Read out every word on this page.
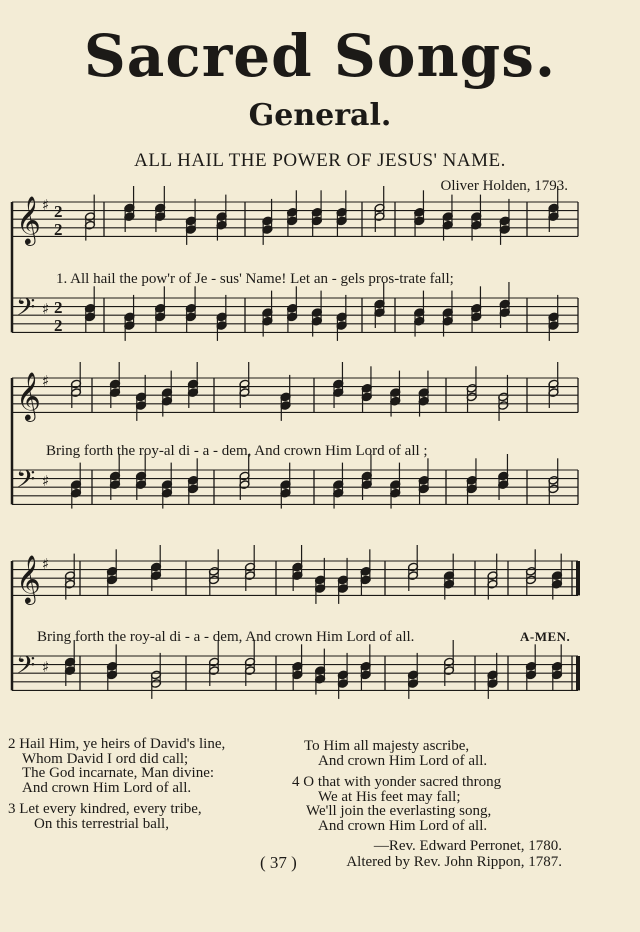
Sacred Songs.
General.
ALL HAIL THE POWER OF JESUS' NAME.
Oliver Holden, 1793.
𝄞 ♯ 2
2
𝄢 ♯ 2
2
𝄞 ♯
𝄢 ♯
𝄞 ♯
𝄢 ♯
1. All hail the pow'r of Je - sus' Name! Let an - gels pros-trate fall;
Bring forth the roy-al di - a - dem, And crown Him Lord of all ;
Bring forth the roy-al di - a - dem, And crown Him Lord of all.	A-MEN.
2 Hail Him, ye heirs of David's line,
Whom David I ord did call;
The God incarnate, Man divine:
And crown Him Lord of all.
3 Let every kindred, every tribe,
On this terrestrial ball,
To Him all majesty ascribe,
And crown Him Lord of all.
4 O that with yonder sacred throng
We at His feet may fall;
We'll join the everlasting song,
And crown Him Lord of all.
( 37 )
—Rev. Edward Perronet, 1780.
Altered by Rev. John Rippon, 1787.
